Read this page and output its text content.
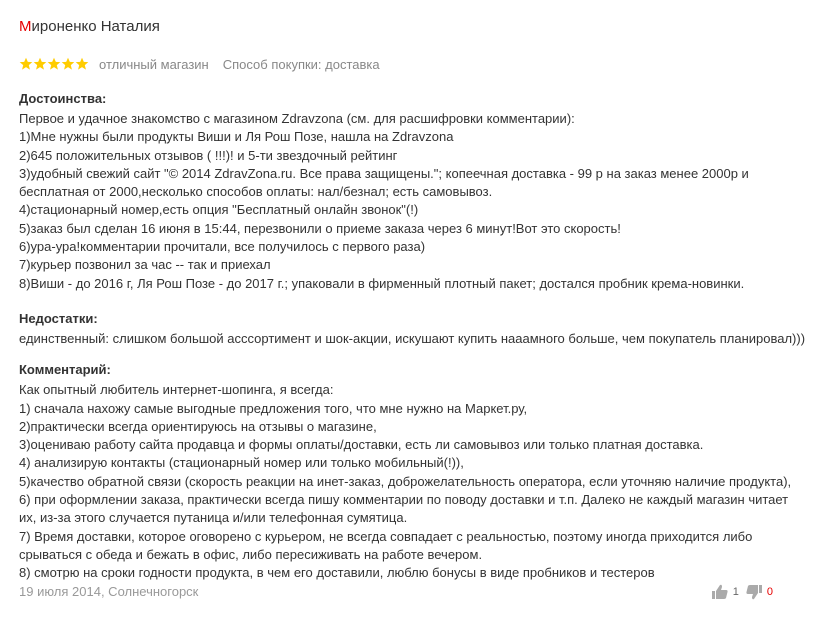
Мироненко Наталия
отличный магазин Способ покупки: доставка
Достоинства:
Первое и удачное знакомство с магазином Zdravzona (см. для расшифровки комментарии):
1)Мне нужны были продукты Виши и Ля Рош Позе, нашла на Zdravzona
2)645 положительных отзывов ( !!!)! и 5-ти звездочный рейтинг
3)удобный свежий сайт "© 2014 ZdravZona.ru. Все права защищены."; копеечная доставка - 99 р на заказ менее 2000р и
бесплатная от 2000,несколько способов оплаты: нал/безнал; есть самовывоз.
4)стационарный номер,есть опция "Бесплатный онлайн звонок"(!)
5)заказ был сделан 16 июня в 15:44, перезвонили о приеме заказа через 6 минут!Вот это скорость!
6)ура-ура!комментарии прочитали, все получилось с первого раза)
7)курьер позвонил за час -- так и приехал
8)Виши - до 2016 г, Ля Рош Позе - до 2017 г.; упаковали в фирменный плотный пакет; достался пробник крема-новинки.
Недостатки:
единственный: слишком большой асссортимент и шок-акции, искушают купить нааамного больше, чем покупатель планировал)))
Комментарий:
Как опытный любитель интернет-шопинга, я всегда:
1) сначала нахожу самые выгодные предложения того, что мне нужно на Маркет.ру,
2)практически всегда ориентируюсь на отзывы о магазине,
3)оцениваю работу сайта продавца и формы оплаты/доставки, есть ли самовывоз или только платная доставка.
4) анализирую контакты (стационарный номер или только мобильный(!)),
5)качество обратной связи (скорость реакции на инет-заказ, доброжелательность оператора, если уточняю наличие продукта),
6) при оформлении заказа, практически всегда пишу комментарии по поводу доставки и т.п. Далеко не каждый магазин читает
их, из-за этого случается путаница и/или телефонная сумятица.
7) Время доставки, которое оговорено с курьером, не всегда совпадает с реальностью, поэтому иногда приходится либо
срываться с обеда и бежать в офис, либо пересиживать на работе вечером.
8) смотрю на сроки годности продукта, в чем его доставили, люблю бонусы в виде пробников и тестеров
19 июля 2014, Солнечногорск	1	0
